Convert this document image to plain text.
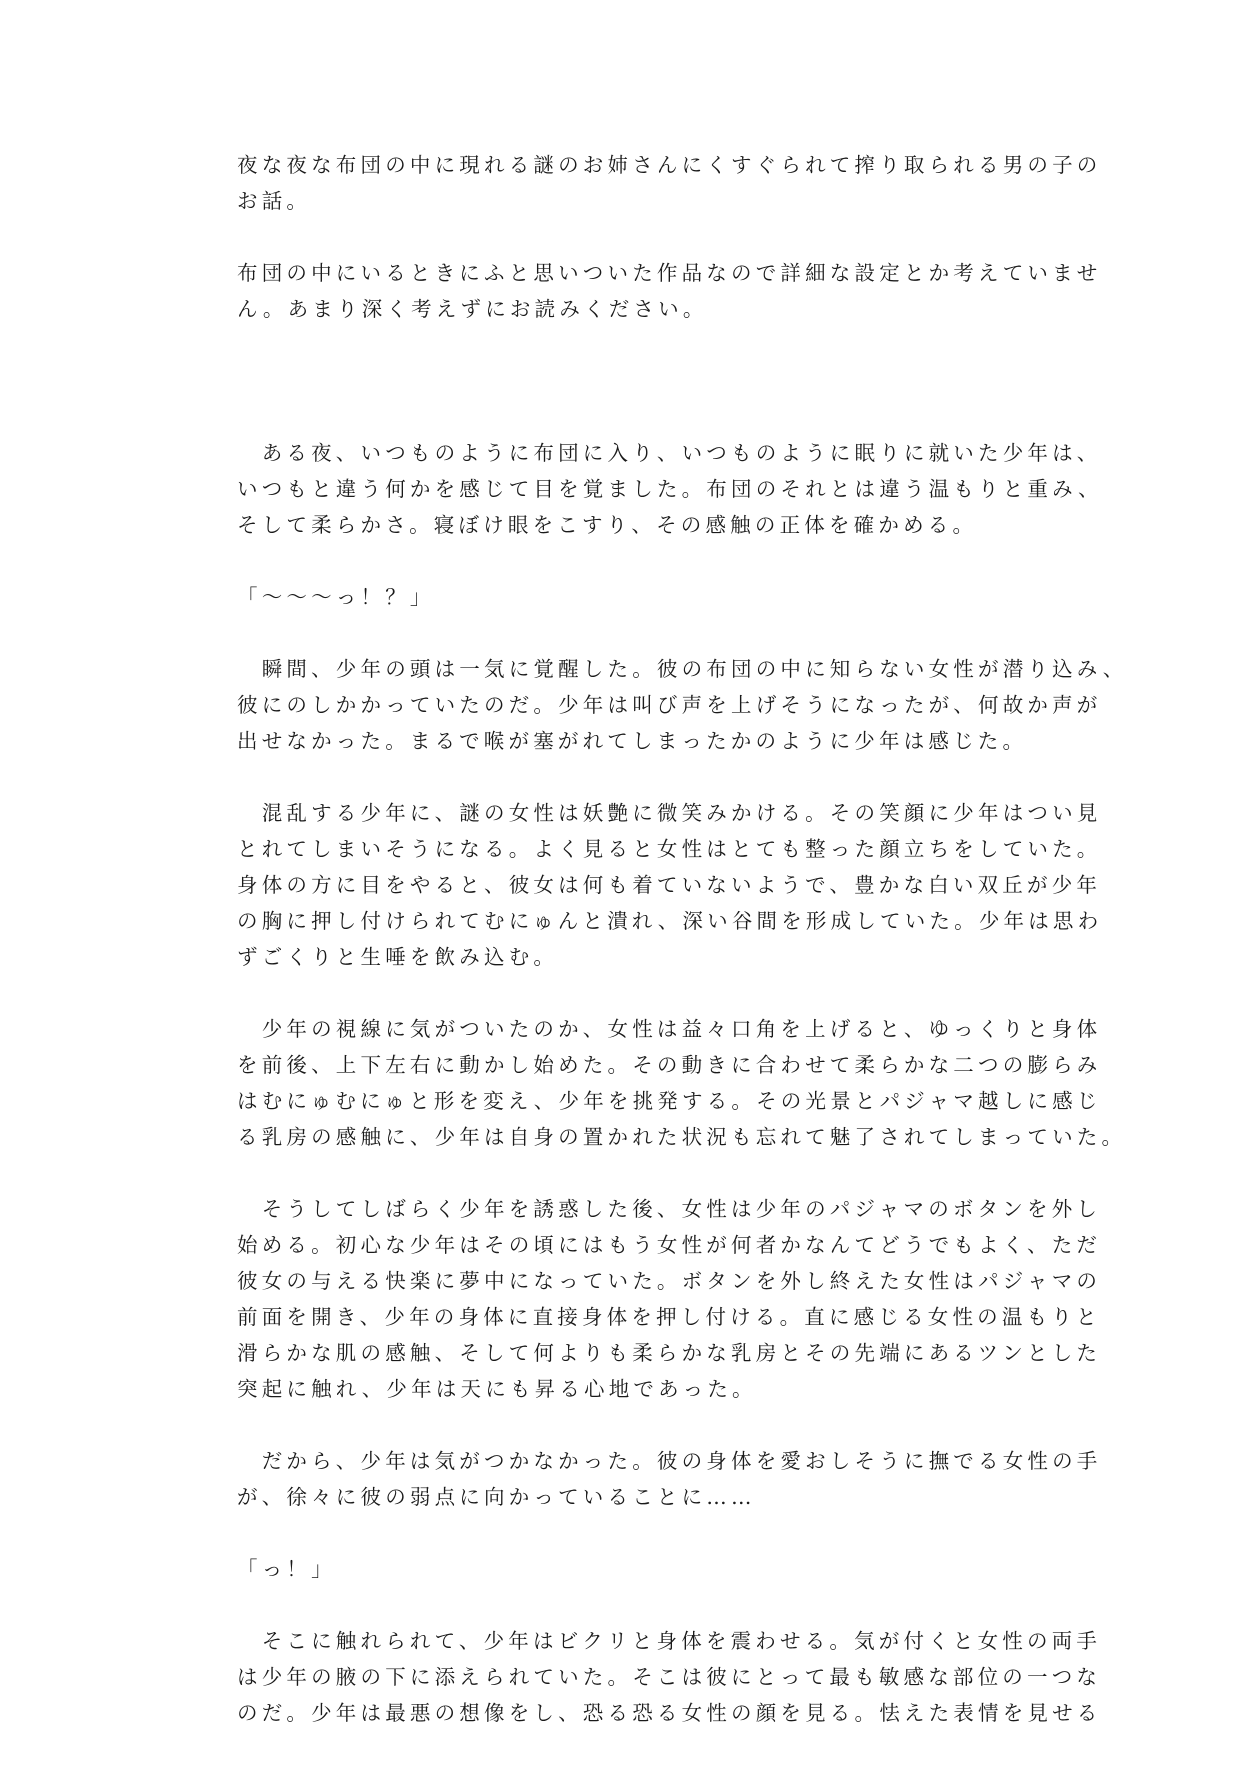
夜な夜な布団の中に現れる謎のお姉さんにくすぐられて搾り取られる男の子の
お話。

布団の中にいるときにふと思いついた作品なので詳細な設定とか考えていませ
ん。あまり深く考えずにお読みください。

　ある夜、いつものように布団に入り、いつものように眠りに就いた少年は、
いつもと違う何かを感じて目を覚ました。布団のそれとは違う温もりと重み、
そして柔らかさ。寝ぼけ眼をこすり、その感触の正体を確かめる。

「～～～っ！？」

　瞬間、少年の頭は一気に覚醒した。彼の布団の中に知らない女性が潜り込み、
彼にのしかかっていたのだ。少年は叫び声を上げそうになったが、何故か声が
出せなかった。まるで喉が塞がれてしまったかのように少年は感じた。

　混乱する少年に、謎の女性は妖艶に微笑みかける。その笑顔に少年はつい見
とれてしまいそうになる。よく見ると女性はとても整った顔立ちをしていた。
身体の方に目をやると、彼女は何も着ていないようで、豊かな白い双丘が少年
の胸に押し付けられてむにゅんと潰れ、深い谷間を形成していた。少年は思わ
ずごくりと生唾を飲み込む。

　少年の視線に気がついたのか、女性は益々口角を上げると、ゆっくりと身体
を前後、上下左右に動かし始めた。その動きに合わせて柔らかな二つの膨らみ
はむにゅむにゅと形を変え、少年を挑発する。その光景とパジャマ越しに感じ
る乳房の感触に、少年は自身の置かれた状況も忘れて魅了されてしまっていた。

　そうしてしばらく少年を誘惑した後、女性は少年のパジャマのボタンを外し
始める。初心な少年はその頃にはもう女性が何者かなんてどうでもよく、ただ
彼女の与える快楽に夢中になっていた。ボタンを外し終えた女性はパジャマの
前面を開き、少年の身体に直接身体を押し付ける。直に感じる女性の温もりと
滑らかな肌の感触、そして何よりも柔らかな乳房とその先端にあるツンとした
突起に触れ、少年は天にも昇る心地であった。

　だから、少年は気がつかなかった。彼の身体を愛おしそうに撫でる女性の手
が、徐々に彼の弱点に向かっていることに……

「っ！」

　そこに触れられて、少年はビクリと身体を震わせる。気が付くと女性の両手
は少年の腋の下に添えられていた。そこは彼にとって最も敏感な部位の一つな
のだ。少年は最悪の想像をし、恐る恐る女性の顔を見る。怯えた表情を見せる
